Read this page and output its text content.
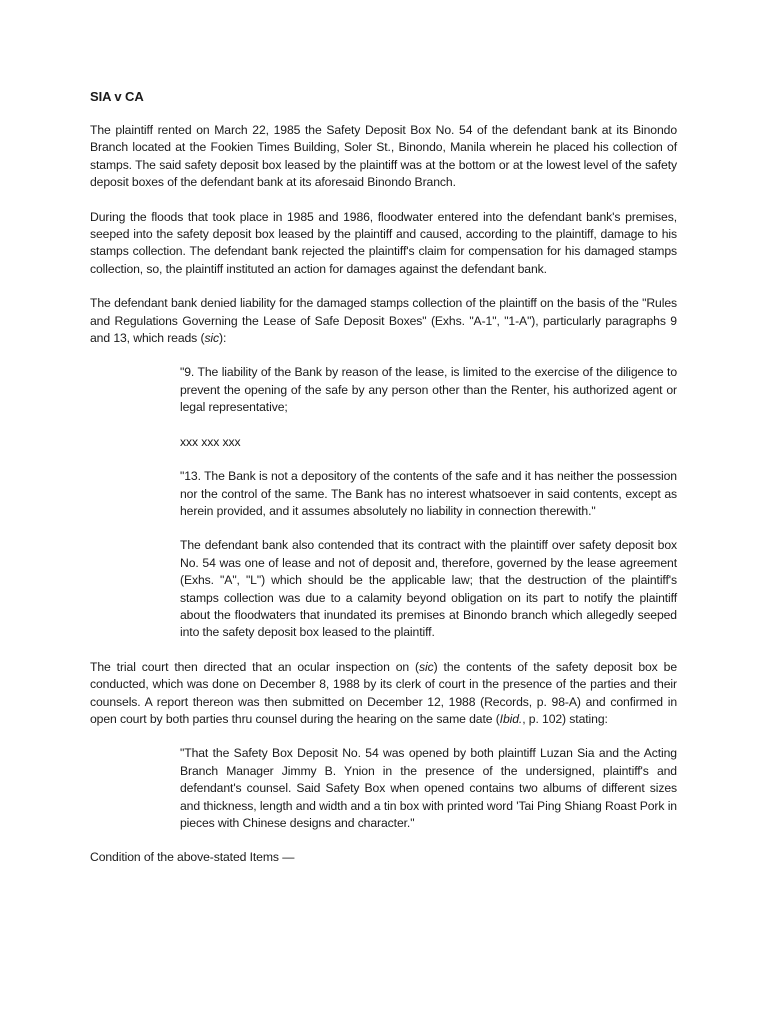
SIA v CA

The plaintiff rented on March 22, 1985 the Safety Deposit Box No. 54 of the defendant bank at its Binondo Branch located at the Fookien Times Building, Soler St., Binondo, Manila wherein he placed his collection of stamps. The said safety deposit box leased by the plaintiff was at the bottom or at the lowest level of the safety deposit boxes of the defendant bank at its aforesaid Binondo Branch.

During the floods that took place in 1985 and 1986, floodwater entered into the defendant bank's premises, seeped into the safety deposit box leased by the plaintiff and caused, according to the plaintiff, damage to his stamps collection. The defendant bank rejected the plaintiff's claim for compensation for his damaged stamps collection, so, the plaintiff instituted an action for damages against the defendant bank.

The defendant bank denied liability for the damaged stamps collection of the plaintiff on the basis of the "Rules and Regulations Governing the Lease of Safe Deposit Boxes" (Exhs. "A-1", "1-A"), particularly paragraphs 9 and 13, which reads (sic):

"9. The liability of the Bank by reason of the lease, is limited to the exercise of the diligence to prevent the opening of the safe by any person other than the Renter, his authorized agent or legal representative;

xxx xxx xxx

"13. The Bank is not a depository of the contents of the safe and it has neither the possession nor the control of the same. The Bank has no interest whatsoever in said contents, except as herein provided, and it assumes absolutely no liability in connection therewith."

The defendant bank also contended that its contract with the plaintiff over safety deposit box No. 54 was one of lease and not of deposit and, therefore, governed by the lease agreement (Exhs. "A", "L") which should be the applicable law; that the destruction of the plaintiff's stamps collection was due to a calamity beyond obligation on its part to notify the plaintiff about the floodwaters that inundated its premises at Binondo branch which allegedly seeped into the safety deposit box leased to the plaintiff.

The trial court then directed that an ocular inspection on (sic) the contents of the safety deposit box be conducted, which was done on December 8, 1988 by its clerk of court in the presence of the parties and their counsels. A report thereon was then submitted on December 12, 1988 (Records, p. 98-A) and confirmed in open court by both parties thru counsel during the hearing on the same date (Ibid., p. 102) stating:

"That the Safety Box Deposit No. 54 was opened by both plaintiff Luzan Sia and the Acting Branch Manager Jimmy B. Ynion in the presence of the undersigned, plaintiff's and defendant's counsel. Said Safety Box when opened contains two albums of different sizes and thickness, length and width and a tin box with printed word 'Tai Ping Shiang Roast Pork in pieces with Chinese designs and character."

Condition of the above-stated Items —
